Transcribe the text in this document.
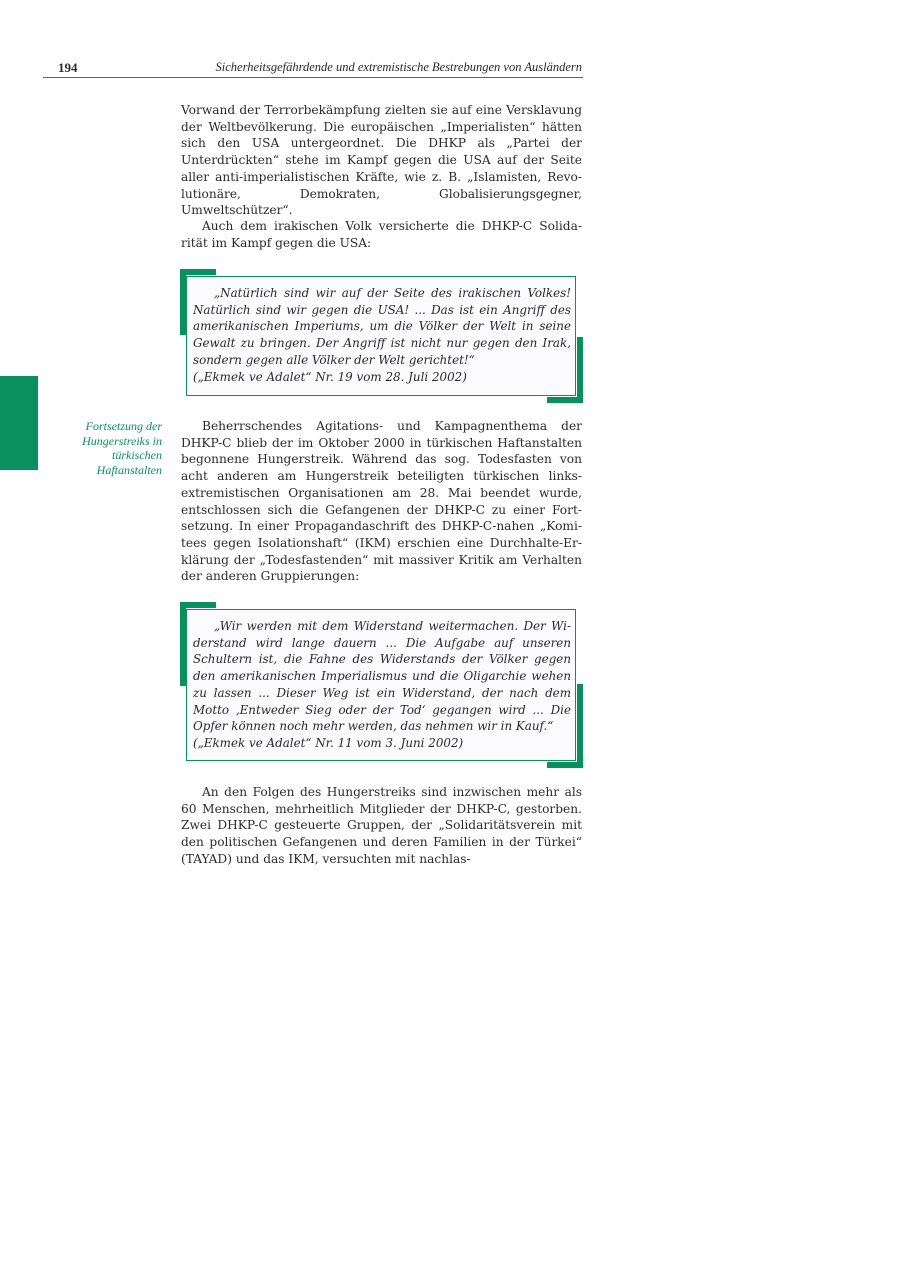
194	Sicherheitsgefährdende und extremistische Bestrebungen von Ausländern
Fortsetzung der Hungerstreiks in türkischen Haftanstalten

Vorwand der Terrorbekämpfung zielten sie auf eine Versklavung der Weltbevölkerung. Die europäischen „Imperialisten“ hätten sich den USA untergeordnet. Die DHKP als „Partei der Unterdrückten“ stehe im Kampf gegen die USA auf der Seite aller anti-imperialistischen Kräfte, wie z. B. „Islamisten, Revolutionäre, Demokraten, Globalisierungsgegner, Umweltschützer“.

Auch dem irakischen Volk versicherte die DHKP-C Solidarität im Kampf gegen die USA:

„Natürlich sind wir auf der Seite des irakischen Volkes! Natürlich sind wir gegen die USA! ... Das ist ein Angriff des amerikanischen Imperiums, um die Völker der Welt in seine Gewalt zu bringen. Der Angriff ist nicht nur gegen den Irak, sondern gegen alle Völker der Welt gerichtet!“

(„Ekmek ve Adalet“ Nr. 19 vom 28. Juli 2002)

Beherrschendes Agitations- und Kampagnenthema der DHKP-C blieb der im Oktober 2000 in türkischen Haftanstalten begonnene Hungerstreik. Während das sog. Todesfasten von acht anderen am Hungerstreik beteiligten türkischen linksextremistischen Organisationen am 28. Mai beendet wurde, entschlossen sich die Gefangenen der DHKP-C zu einer Fortsetzung. In einer Propagandaschrift des DHKP-C-nahen „Komitees gegen Isolationshaft“ (IKM) erschien eine Durchhalte-Erklärung der „Todesfastenden“ mit massiver Kritik am Verhalten der anderen Gruppierungen:

„Wir werden mit dem Widerstand weitermachen. Der Widerstand wird lange dauern ... Die Aufgabe auf unseren Schultern ist, die Fahne des Widerstands der Völker gegen den amerikanischen Imperialismus und die Oligarchie wehen zu lassen ... Dieser Weg ist ein Widerstand, der nach dem Motto ‚Entweder Sieg oder der Tod‘ gegangen wird ... Die Opfer können noch mehr werden, das nehmen wir in Kauf.“

(„Ekmek ve Adalet“ Nr. 11 vom 3. Juni 2002)

An den Folgen des Hungerstreiks sind inzwischen mehr als 60 Menschen, mehrheitlich Mitglieder der DHKP-C, gestorben. Zwei DHKP-C gesteuerte Gruppen, der „Solidaritätsverein mit den politischen Gefangenen und deren Familien in der Türkei“ (TAYAD) und das IKM, versuchten mit nachlas-
